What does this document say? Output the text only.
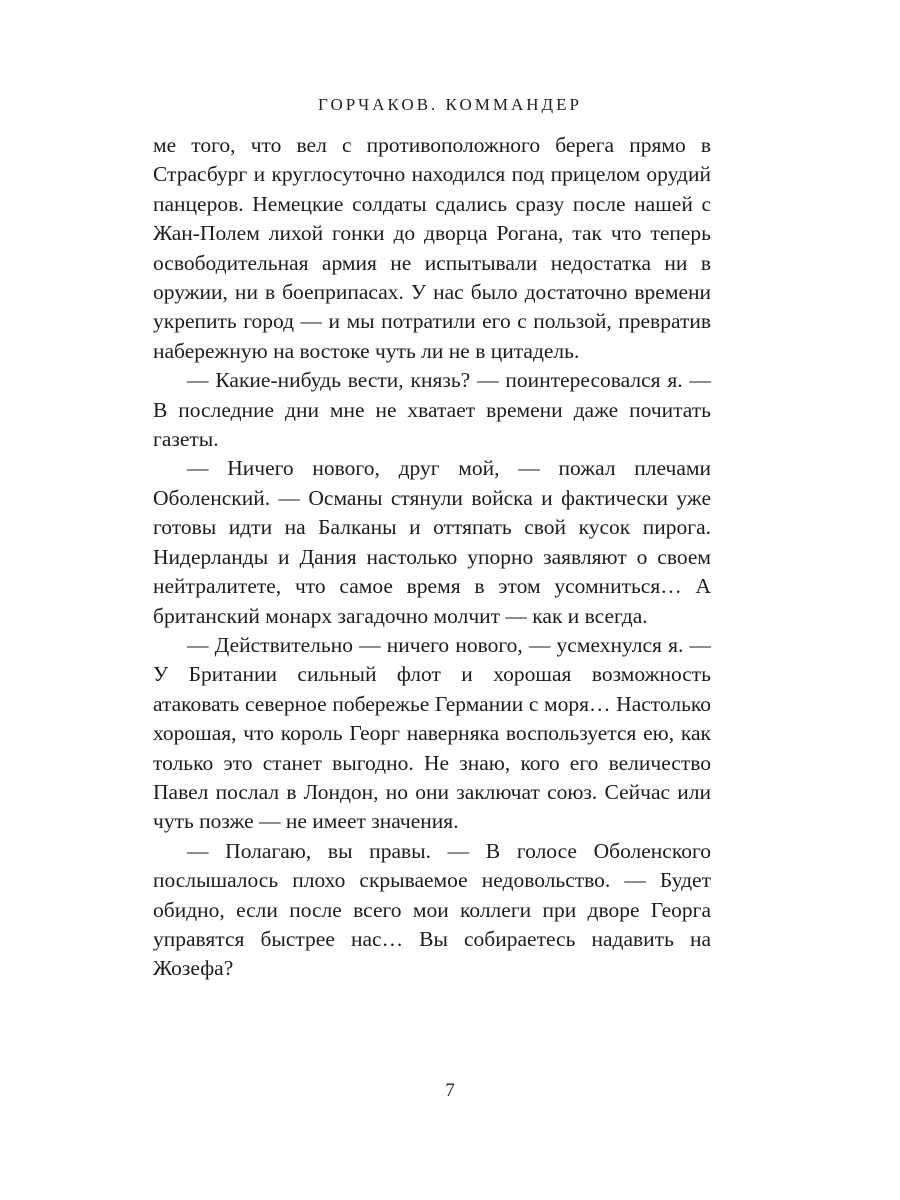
ГОРЧАКОВ. КОММАНДЕР

ме того, что вел с противоположного берега прямо в Страсбург и круглосуточно находился под прицелом орудий панцеров. Немецкие солдаты сдались сразу после нашей с Жан-Полем лихой гонки до дворца Рогана, так что теперь освободительная армия не испытывали недостатка ни в оружии, ни в боеприпасах. У нас было достаточно времени укрепить город — и мы потратили его с пользой, превратив набережную на востоке чуть ли не в цитадель.

— Какие-нибудь вести, князь? — поинтересовался я. — В последние дни мне не хватает времени даже почитать газеты.

— Ничего нового, друг мой, — пожал плечами Оболенский. — Османы стянули войска и фактически уже готовы идти на Балканы и оттяпать свой кусок пирога. Нидерланды и Дания настолько упорно заявляют о своем нейтралитете, что самое время в этом усомниться… А британский монарх загадочно молчит — как и всегда.

— Действительно — ничего нового, — усмехнулся я. — У Британии сильный флот и хорошая возможность атаковать северное побережье Германии с моря… Настолько хорошая, что король Георг наверняка воспользуется ею, как только это станет выгодно. Не знаю, кого его величество Павел послал в Лондон, но они заключат союз. Сейчас или чуть позже — не имеет значения.

— Полагаю, вы правы. — В голосе Оболенского послышалось плохо скрываемое недовольство. — Будет обидно, если после всего мои коллеги при дворе Георга управятся быстрее нас… Вы собираетесь надавить на Жозефа?

7
